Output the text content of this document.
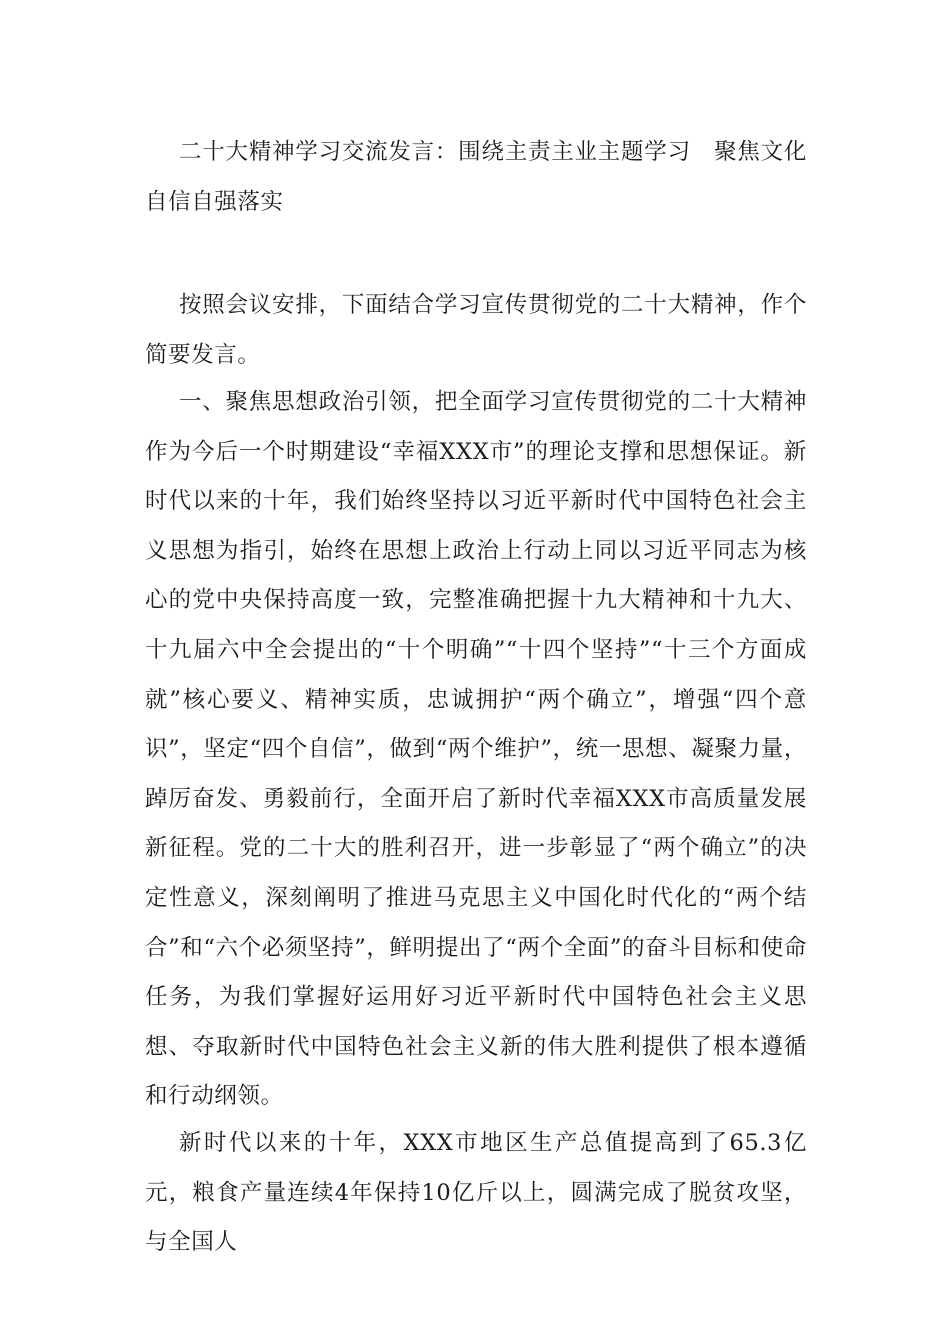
二十大精神学习交流发言：围绕主责主业主题学习　聚焦文化自信自强落实

按照会议安排，下面结合学习宣传贯彻党的二十大精神，作个简要发言。

一、聚焦思想政治引领，把全面学习宣传贯彻党的二十大精神作为今后一个时期建设“幸福XXX市”的理论支撑和思想保证。新时代以来的十年，我们始终坚持以习近平新时代中国特色社会主义思想为指引，始终在思想上政治上行动上同以习近平同志为核心的党中央保持高度一致，完整准确把握十九大精神和十九大、十九届六中全会提出的“十个明确”“十四个坚持”“十三个方面成就”核心要义、精神实质，忠诚拥护“两个确立”，增强“四个意识”，坚定“四个自信”，做到“两个维护”，统一思想、凝聚力量，踔厉奋发、勇毅前行，全面开启了新时代幸福XXX市高质量发展新征程。党的二十大的胜利召开，进一步彰显了“两个确立”的决定性意义，深刻阐明了推进马克思主义中国化时代化的“两个结合”和“六个必须坚持”，鲜明提出了“两个全面”的奋斗目标和使命任务，为我们掌握好运用好习近平新时代中国特色社会主义思想、夺取新时代中国特色社会主义新的伟大胜利提供了根本遵循和行动纲领。

新时代以来的十年，XXX市地区生产总值提高到了65.3亿元，粮食产量连续4年保持10亿斤以上，圆满完成了脱贫攻坚，与全国人
